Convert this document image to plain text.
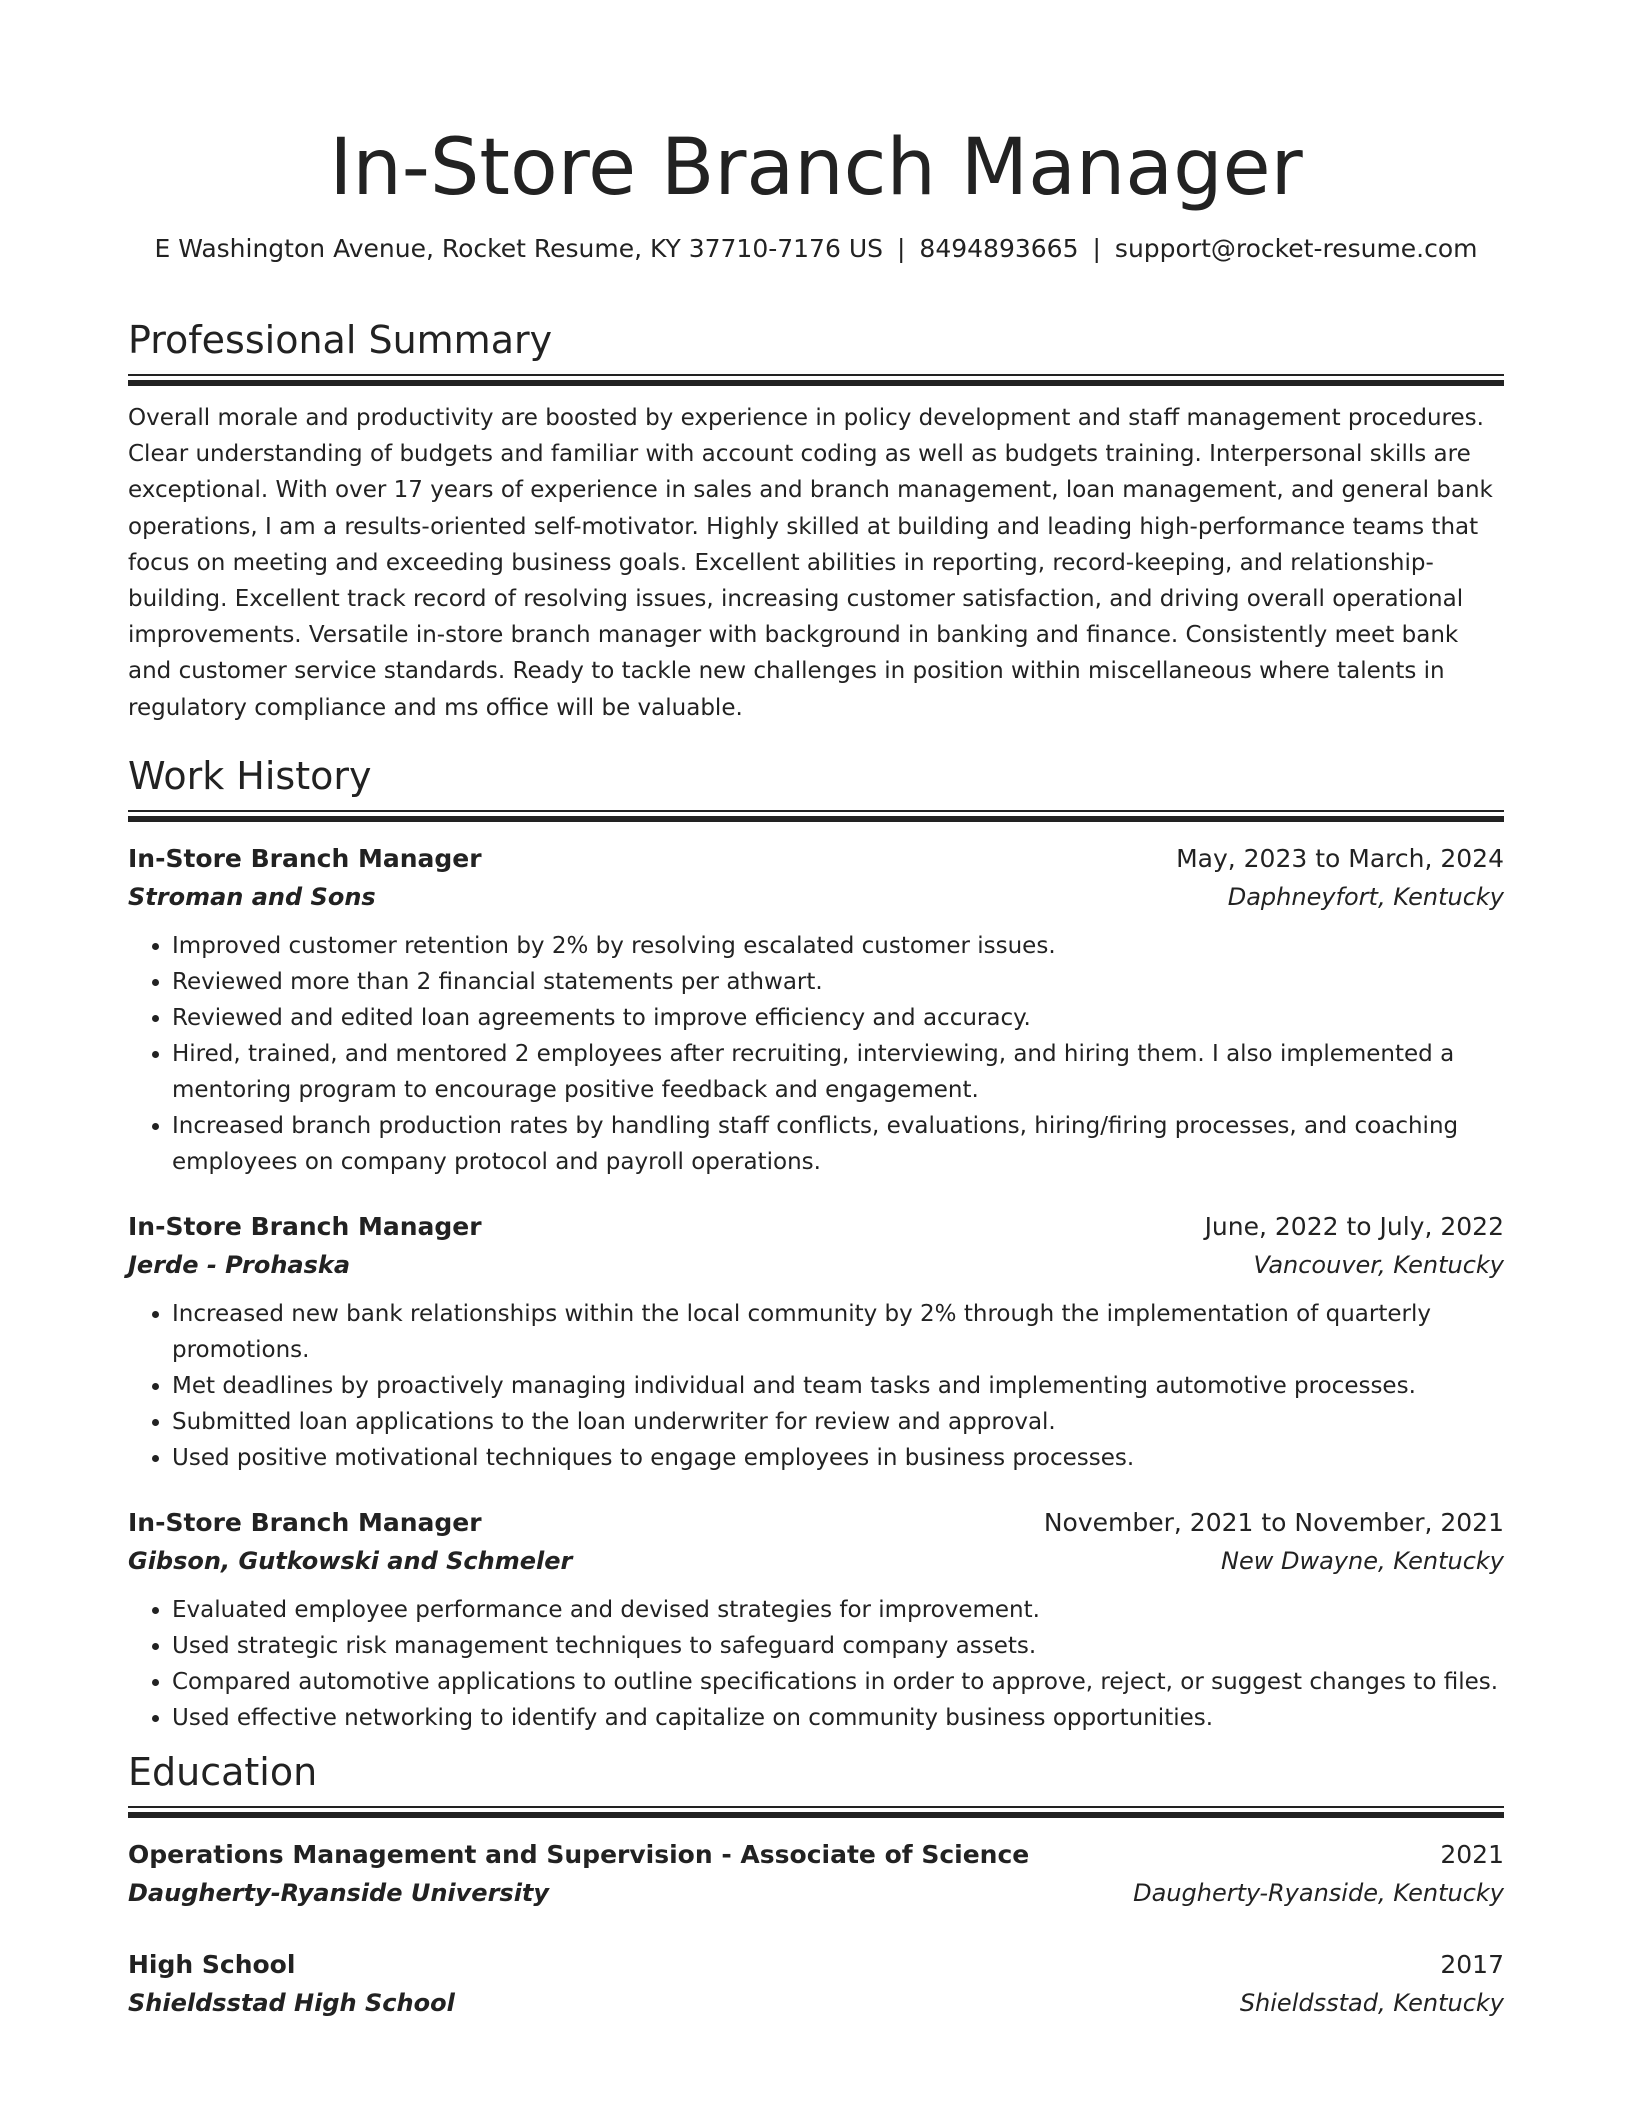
In-Store Branch Manager
E Washington Avenue, Rocket Resume, KY 37710-7176 US | 8494893665 | support@rocket-resume.com
Professional Summary
Overall morale and productivity are boosted by experience in policy development and staff management procedures. Clear understanding of budgets and familiar with account coding as well as budgets training. Interpersonal skills are exceptional. With over 17 years of experience in sales and branch management, loan management, and general bank operations, I am a results-oriented self-motivator. Highly skilled at building and leading high-performance teams that focus on meeting and exceeding business goals. Excellent abilities in reporting, record-keeping, and relationship-building. Excellent track record of resolving issues, increasing customer satisfaction, and driving overall operational improvements. Versatile in-store branch manager with background in banking and finance. Consistently meet bank and customer service standards. Ready to tackle new challenges in position within miscellaneous where talents in regulatory compliance and ms office will be valuable.
Work History
In-Store Branch Manager	May, 2023 to March, 2024
Stroman and Sons	Daphneyfort, Kentucky
• Improved customer retention by 2% by resolving escalated customer issues.
• Reviewed more than 2 financial statements per athwart.
• Reviewed and edited loan agreements to improve efficiency and accuracy.
• Hired, trained, and mentored 2 employees after recruiting, interviewing, and hiring them. I also implemented a mentoring program to encourage positive feedback and engagement.
• Increased branch production rates by handling staff conflicts, evaluations, hiring/firing processes, and coaching employees on company protocol and payroll operations.
In-Store Branch Manager	June, 2022 to July, 2022
Jerde - Prohaska	Vancouver, Kentucky
• Increased new bank relationships within the local community by 2% through the implementation of quarterly promotions.
• Met deadlines by proactively managing individual and team tasks and implementing automotive processes.
• Submitted loan applications to the loan underwriter for review and approval.
• Used positive motivational techniques to engage employees in business processes.
In-Store Branch Manager	November, 2021 to November, 2021
Gibson, Gutkowski and Schmeler	New Dwayne, Kentucky
• Evaluated employee performance and devised strategies for improvement.
• Used strategic risk management techniques to safeguard company assets.
• Compared automotive applications to outline specifications in order to approve, reject, or suggest changes to files.
• Used effective networking to identify and capitalize on community business opportunities.
Education
Operations Management and Supervision - Associate of Science	2021
Daugherty-Ryanside University	Daugherty-Ryanside, Kentucky
High School	2017
Shieldsstad High School	Shieldsstad, Kentucky
